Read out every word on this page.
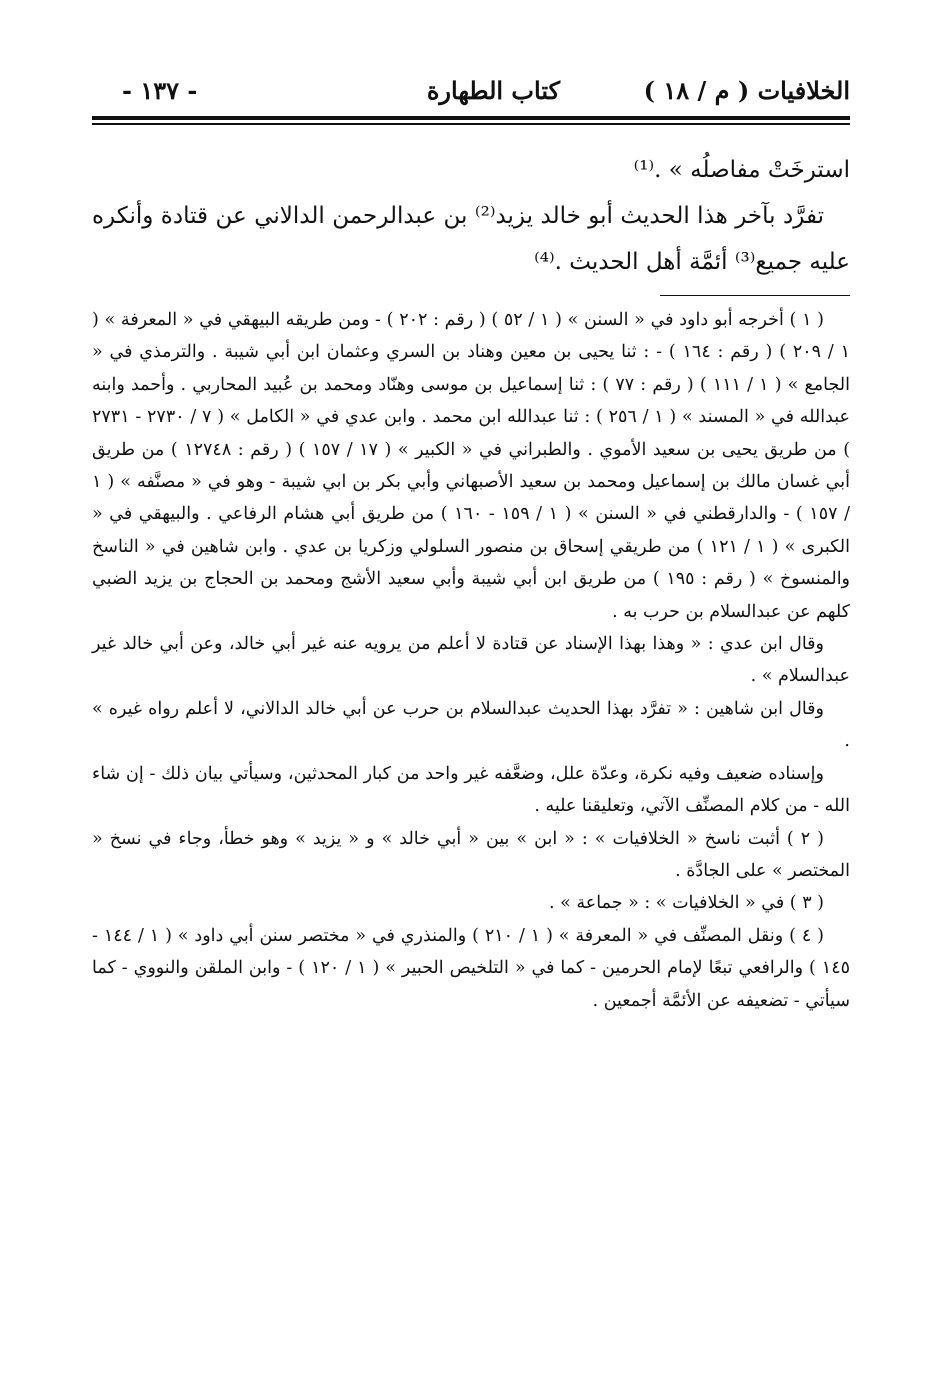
الخلافيات ( م / ١٨ )
كتاب الطهارة
- ١٣٧ -

استرخَتْ مفاصلُه » .⁽¹⁾

تفرَّد بآخر هذا الحديث أبو خالد يزيد⁽²⁾ بن عبدالرحمن الدالاني عن قتادة وأنكره عليه جميع⁽³⁾ أئمَّة أهل الحديث .⁽⁴⁾

( ١ ) أخرجه أبو داود في « السنن » ( ١ / ٥٢ ) ( رقم : ٢٠٢ ) - ومن طريقه البيهقي في « المعرفة » ( ١ / ٢٠٩ ) ( رقم : ١٦٤ ) - : ثنا يحيى بن معين وهناد بن السري وعثمان ابن أبي شيبة . والترمذي في « الجامع » ( ١ / ١١١ ) ( رقم : ٧٧ ) : ثنا إسماعيل بن موسى وهنّاد ومحمد بن عُبيد المحاربي . وأحمد وابنه عبدالله في « المسند » ( ١ / ٢٥٦ ) : ثنا عبدالله ابن محمد . وابن عدي في « الكامل » ( ٧ / ٢٧٣٠ - ٢٧٣١ ) من طريق يحيى بن سعيد الأموي . والطبراني في « الكبير » ( ١٧ / ١٥٧ ) ( رقم : ١٢٧٤٨ ) من طريق أبي غسان مالك بن إسماعيل ومحمد بن سعيد الأصبهاني وأبي بكر بن ابي شيبة - وهو في « مصنَّفه » ( ١ / ١٥٧ ) - والدارقطني في « السنن » ( ١ / ١٥٩ - ١٦٠ ) من طريق أبي هشام الرفاعي . والبيهقي في « الكبرى » ( ١ / ١٢١ ) من طريقي إسحاق بن منصور السلولي وزكريا بن عدي . وابن شاهين في « الناسخ والمنسوخ » ( رقم : ١٩٥ ) من طريق ابن أبي شيبة وأبي سعيد الأشج ومحمد بن الحجاج بن يزيد الضبي كلهم عن عبدالسلام بن حرب به .

وقال ابن عدي : « وهذا بهذا الإسناد عن قتادة لا أعلم من يرويه عنه غير أبي خالد، وعن أبي خالد غير عبدالسلام » .

وقال ابن شاهين : « تفرَّد بهذا الحديث عبدالسلام بن حرب عن أبي خالد الدالاني، لا أعلم رواه غيره » .

وإسناده ضعيف وفيه نكرة، وعدّة علل، وضعَّفه غير واحد من كبار المحدثين، وسيأتي بيان ذلك - إن شاء الله - من كلام المصنِّف الآتي، وتعليقنا عليه .

( ٢ ) أثبت ناسخ « الخلافيات » : « ابن » بين « أبي خالد » و « يزيد » وهو خطأ، وجاء في نسخ « المختصر » على الجادَّة .

( ٣ ) في « الخلافيات » : « جماعة » .

( ٤ ) ونقل المصنِّف في « المعرفة » ( ١ / ٢١٠ ) والمنذري في « مختصر سنن أبي داود » ( ١ / ١٤٤ - ١٤٥ ) والرافعي تبعًا لإمام الحرمين - كما في « التلخيص الحبير » ( ١ / ١٢٠ ) - وابن الملقن والنووي - كما سيأتي - تضعيفه عن الأئمَّة أجمعين .
